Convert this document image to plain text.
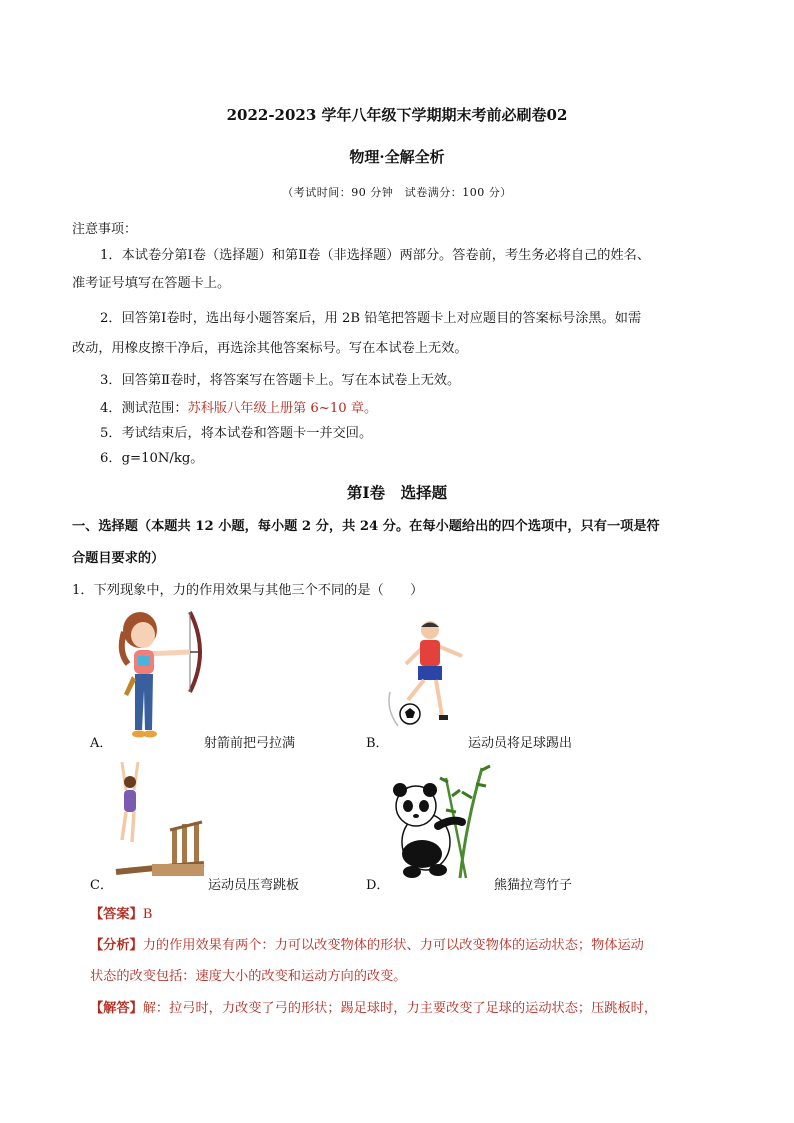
2022-2023 学年八年级下学期期末考前必刷卷02
物理·全解全析
（考试时间：90 分钟　试卷满分：100 分）
注意事项：
1．本试卷分第Ⅰ卷（选择题）和第Ⅱ卷（非选择题）两部分。答卷前，考生务必将自己的姓名、
准考证号填写在答题卡上。
2．回答第Ⅰ卷时，选出每小题答案后，用 2B 铅笔把答题卡上对应题目的答案标号涂黑。如需
改动，用橡皮擦干净后，再选涂其他答案标号。写在本试卷上无效。
3．回答第Ⅱ卷时，将答案写在答题卡上。写在本试卷上无效。
4．测试范围：苏科版八年级上册第 6~10 章。
5．考试结束后，将本试卷和答题卡一并交回。
6．g=10N/kg。
第Ⅰ卷　选择题
一、选择题（本题共 12 小题，每小题 2 分，共 24 分。在每小题给出的四个选项中，只有一项是符
合题目要求的）
1．下列现象中，力的作用效果与其他三个不同的是（　　）
A．	射箭前把弓拉满	B．	运动员将足球踢出
C．	运动员压弯跳板	D．	熊猫拉弯竹子
【答案】B
【分析】力的作用效果有两个：力可以改变物体的形状、力可以改变物体的运动状态；物体运动
状态的改变包括：速度大小的改变和运动方向的改变。
【解答】解：拉弓时，力改变了弓的形状；踢足球时，力主要改变了足球的运动状态；压跳板时，
